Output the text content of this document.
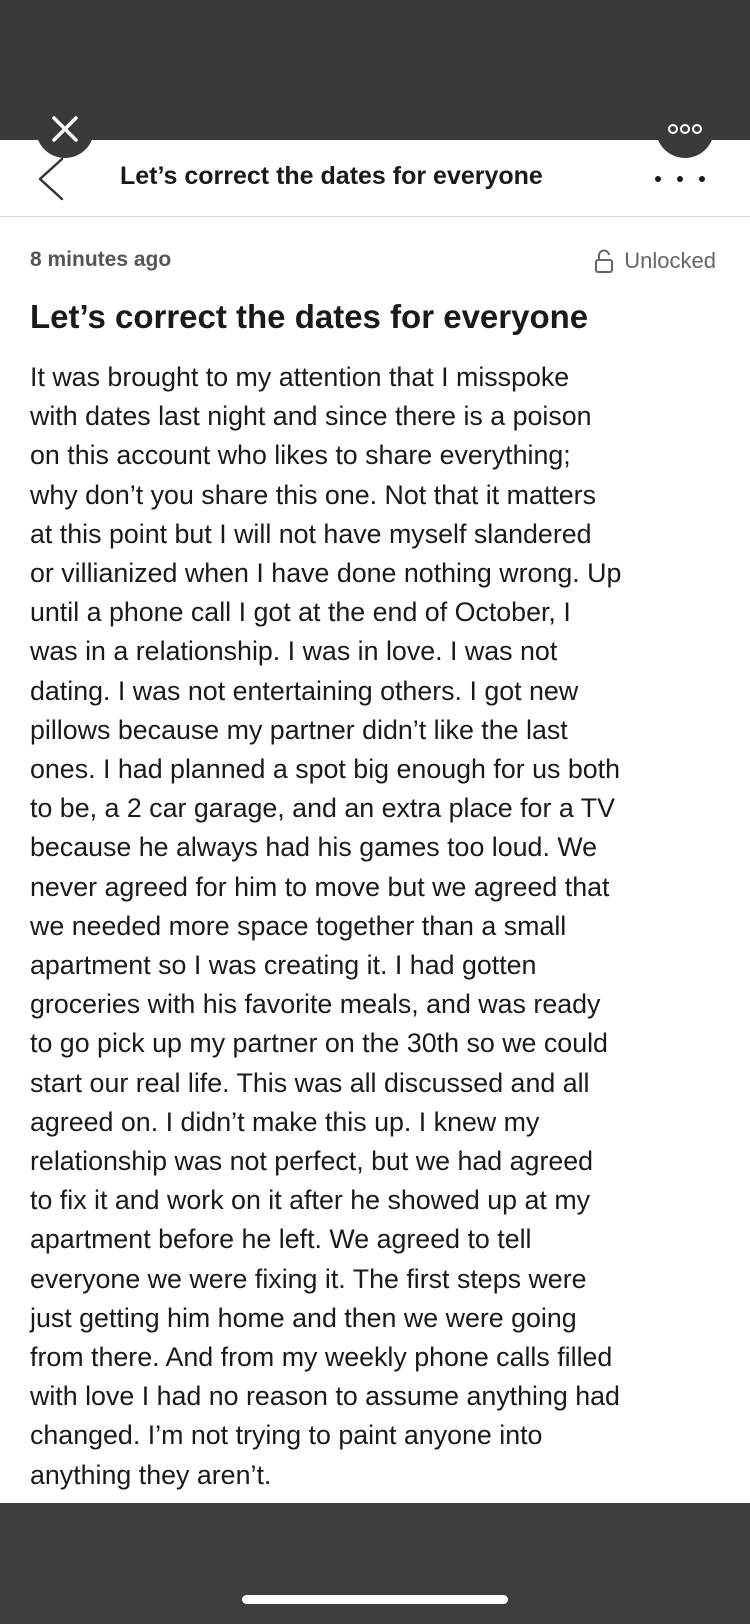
Let’s correct the dates for everyone
8 minutes ago	Unlocked
Let’s correct the dates for everyone
It was brought to my attention that I misspoke
with dates last night and since there is a poison
on this account who likes to share everything;
why don’t you share this one. Not that it matters
at this point but I will not have myself slandered
or villianized when I have done nothing wrong. Up
until a phone call I got at the end of October, I
was in a relationship. I was in love. I was not
dating. I was not entertaining others. I got new
pillows because my partner didn’t like the last
ones. I had planned a spot big enough for us both
to be, a 2 car garage, and an extra place for a TV
because he always had his games too loud. We
never agreed for him to move but we agreed that
we needed more space together than a small
apartment so I was creating it. I had gotten
groceries with his favorite meals, and was ready
to go pick up my partner on the 30th so we could
start our real life. This was all discussed and all
agreed on. I didn’t make this up. I knew my
relationship was not perfect, but we had agreed
to fix it and work on it after he showed up at my
apartment before he left. We agreed to tell
everyone we were fixing it. The first steps were
just getting him home and then we were going
from there. And from my weekly phone calls filled
with love I had no reason to assume anything had
changed. I’m not trying to paint anyone into
anything they aren’t.
